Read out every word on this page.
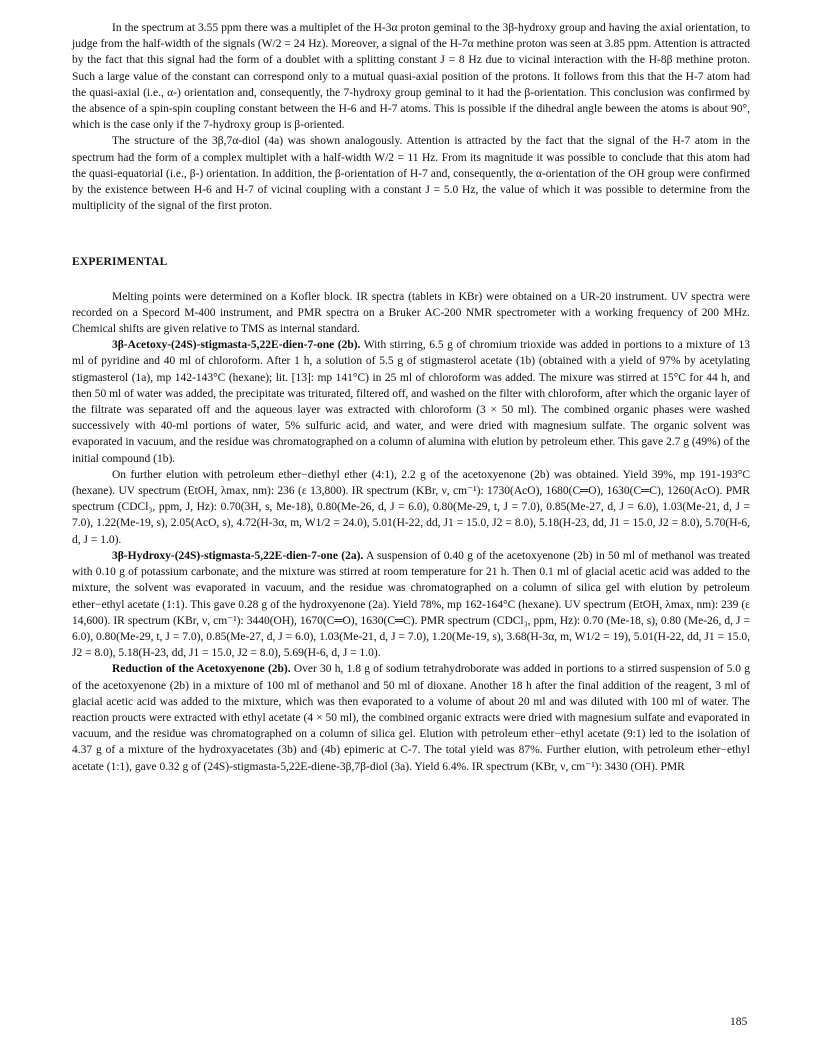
In the spectrum at 3.55 ppm there was a multiplet of the H-3α proton geminal to the 3β-hydroxy group and having the axial orientation, to judge from the half-width of the signals (W/2 = 24 Hz). Moreover, a signal of the H-7α methine proton was seen at 3.85 ppm. Attention is attracted by the fact that this signal had the form of a doublet with a splitting constant J = 8 Hz due to vicinal interaction with the H-8β methine proton. Such a large value of the constant can correspond only to a mutual quasi-axial position of the protons. It follows from this that the H-7 atom had the quasi-axial (i.e., α-) orientation and, consequently, the 7-hydroxy group geminal to it had the β-orientation. This conclusion was confirmed by the absence of a spin-spin coupling constant between the H-6 and H-7 atoms. This is possible if the dihedral angle beween the atoms is about 90°, which is the case only if the 7-hydroxy group is β-oriented.

The structure of the 3β,7α-diol (4a) was shown analogously. Attention is attracted by the fact that the signal of the H-7 atom in the spectrum had the form of a complex multiplet with a half-width W/2 = 11 Hz. From its magnitude it was possible to conclude that this atom had the quasi-equatorial (i.e., β-) orientation. In addition, the β-orientation of H-7 and, consequently, the α-orientation of the OH group were confirmed by the existence between H-6 and H-7 of vicinal coupling with a constant J = 5.0 Hz, the value of which it was possible to determine from the multiplicity of the signal of the first proton.

EXPERIMENTAL

Melting points were determined on a Kofler block. IR spectra (tablets in KBr) were obtained on a UR-20 instrument. UV spectra were recorded on a Specord M-400 instrument, and PMR spectra on a Bruker AC-200 NMR spectrometer with a working frequency of 200 MHz. Chemical shifts are given relative to TMS as internal standard.

3β-Acetoxy-(24S)-stigmasta-5,22E-dien-7-one (2b). With stirring, 6.5 g of chromium trioxide was added in portions to a mixture of 13 ml of pyridine and 40 ml of chloroform. After 1 h, a solution of 5.5 g of stigmasterol acetate (1b) (obtained with a yield of 97% by acetylating stigmasterol (1a), mp 142-143°C (hexane); lit. [13]: mp 141°C) in 25 ml of chloroform was added. The mixure was stirred at 15°C for 44 h, and then 50 ml of water was added, the precipitate was triturated, filtered off, and washed on the filter with chloroform, after which the organic layer of the filtrate was separated off and the aqueous layer was extracted with chloroform (3 × 50 ml). The combined organic phases were washed successively with 40-ml portions of water, 5% sulfuric acid, and water, and were dried with magnesium sulfate. The organic solvent was evaporated in vacuum, and the residue was chromatographed on a column of alumina with elution by petroleum ether. This gave 2.7 g (49%) of the initial compound (1b).

On further elution with petroleum ether−diethyl ether (4:1), 2.2 g of the acetoxyenone (2b) was obtained. Yield 39%, mp 191-193°C (hexane). UV spectrum (EtOH, λmax, nm): 236 (ε 13,800). IR spectrum (KBr, ν, cm⁻¹): 1730(AcO), 1680(C═O), 1630(C═C), 1260(AcO). PMR spectrum (CDCl₃, ppm, J, Hz): 0.70(3H, s, Me-18), 0.80(Me-26, d, J = 6.0), 0.80(Me-29, t, J = 7.0), 0.85(Me-27, d, J = 6.0), 1.03(Me-21, d, J = 7.0), 1.22(Me-19, s), 2.05(AcO, s), 4.72(H-3α, m, W1/2 = 24.0), 5.01(H-22, dd, J1 = 15.0, J2 = 8.0), 5.18(H-23, dd, J1 = 15.0, J2 = 8.0), 5.70(H-6, d, J = 1.0).

3β-Hydroxy-(24S)-stigmasta-5,22E-dien-7-one (2a). A suspension of 0.40 g of the acetoxyenone (2b) in 50 ml of methanol was treated with 0.10 g of potassium carbonate, and the mixture was stirred at room temperature for 21 h. Then 0.1 ml of glacial acetic acid was added to the mixture, the solvent was evaporated in vacuum, and the residue was chromatographed on a column of silica gel with elution by petroleum ether−ethyl acetate (1:1). This gave 0.28 g of the hydroxyenone (2a). Yield 78%, mp 162-164°C (hexane). UV spectrum (EtOH, λmax, nm): 239 (ε 14,600). IR spectrum (KBr, ν, cm⁻¹): 3440(OH), 1670(C═O), 1630(C═C). PMR spectrum (CDCl₃, ppm, Hz): 0.70 (Me-18, s), 0.80 (Me-26, d, J = 6.0), 0.80(Me-29, t, J = 7.0), 0.85(Me-27, d, J = 6.0), 1.03(Me-21, d, J = 7.0), 1.20(Me-19, s), 3.68(H-3α, m, W1/2 = 19), 5.01(H-22, dd, J1 = 15.0, J2 = 8.0), 5.18(H-23, dd, J1 = 15.0, J2 = 8.0), 5.69(H-6, d, J = 1.0).

Reduction of the Acetoxyenone (2b). Over 30 h, 1.8 g of sodium tetrahydroborate was added in portions to a stirred suspension of 5.0 g of the acetoxyenone (2b) in a mixture of 100 ml of methanol and 50 ml of dioxane. Another 18 h after the final addition of the reagent, 3 ml of glacial acetic acid was added to the mixture, which was then evaporated to a volume of about 20 ml and was diluted with 100 ml of water. The reaction proucts were extracted with ethyl acetate (4 × 50 ml), the combined organic extracts were dried with magnesium sulfate and evaporated in vacuum, and the residue was chromatographed on a column of silica gel. Elution with petroleum ether−ethyl acetate (9:1) led to the isolation of 4.37 g of a mixture of the hydroxyacetates (3b) and (4b) epimeric at C-7. The total yield was 87%. Further elution, with petroleum ether−ethyl acetate (1:1), gave 0.32 g of (24S)-stigmasta-5,22E-diene-3β,7β-diol (3a). Yield 6.4%. IR spectrum (KBr, ν, cm⁻¹): 3430 (OH). PMR

185
